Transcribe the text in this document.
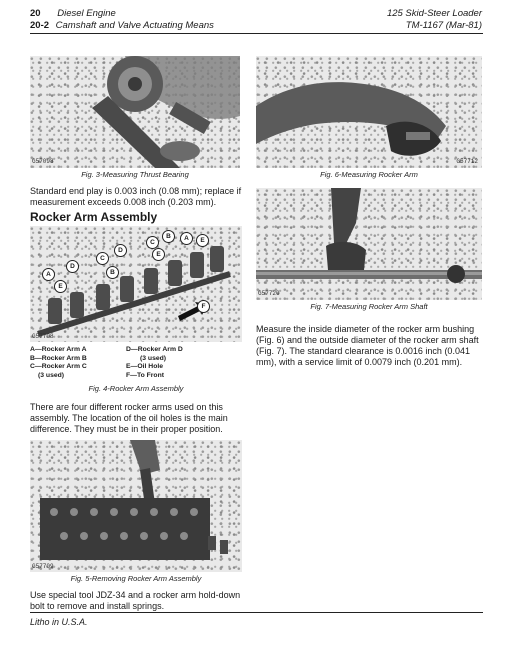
20 Diesel Engine
20-2 Camshaft and Valve Actuating Means
125 Skid-Steer Loader
TM-1167 (Mar-81)
G57098
Fig. 3-Measuring Thrust Bearing
Standard end play is 0.003 inch (0.08 mm); replace if measurement exceeds 0.008 inch (0.203 mm).
Rocker Arm Assembly
G57708
A
D
C
B
D
C
B	A	E
E
E
F
A—Rocker Arm A
B—Rocker Arm B
C—Rocker Arm C
(3 used)
D—Rocker Arm D
(3 used)
E—Oil Hole
F—To Front
Fig. 4-Rocker Arm Assembly
There are four different rocker arms used on this assembly. The location of the oil holes is the main difference. They must be in their proper position.
G57709
Fig. 5-Removing Rocker Arm Assembly
Use special tool JDZ-34 and a rocker arm hold-down bolt to remove and install springs.
G57712
Fig. 6-Measuring Rocker Arm
G57720
Fig. 7-Measuring Rocker Arm Shaft
Measure the inside diameter of the rocker arm bushing (Fig. 6) and the outside diameter of the rocker arm shaft (Fig. 7). The standard clearance is 0.0016 inch (0.041 mm), with a service limit of 0.0079 inch (0.201 mm).
Litho in U.S.A.
